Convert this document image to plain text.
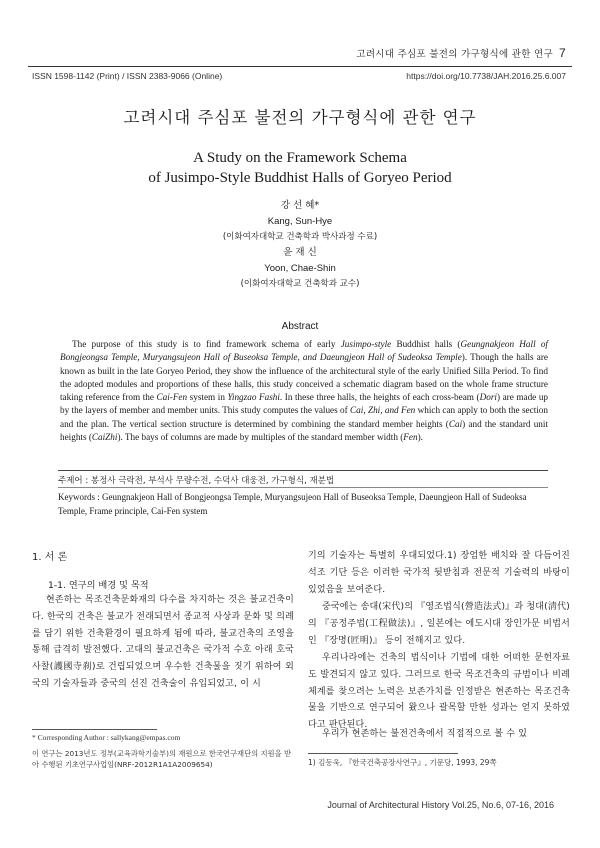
고려시대 주심포 불전의 가구형식에 관한 연구 7
ISSN 1598-1142 (Print) / ISSN 2383-9066 (Online)	https://doi.org/10.7738/JAH.2016.25.6.007
고려시대 주심포 불전의 가구형식에 관한 연구
A Study on the Framework Schema
of Jusimpo-Style Buddhist Halls of Goryeo Period
강 선 혜*
Kang, Sun-Hye
(이화여자대학교 건축학과 박사과정 수료)
윤 재 신
Yoon, Chae-Shin
(이화여자대학교 건축학과 교수)
Abstract
The purpose of this study is to find framework schema of early Jusimpo-style Buddhist halls (Geungnakjeon Hall of Bongjeongsa Temple, Muryangsujeon Hall of Buseoksa Temple, and Daeungjeon Hall of Sudeoksa Temple). Though the halls are known as built in the late Goryeo Period, they show the influence of the architectural style of the early Unified Silla Period. To find the adopted modules and proportions of these halls, this study conceived a schematic diagram based on the whole frame structure taking reference from the Cai-Fen system in Yingzao Fashi. In these three halls, the heights of each cross-beam (Dori) are made up by the layers of member and member units. This study computes the values of Cai, Zhi, and Fen which can apply to both the section and the plan. The vertical section structure is determined by combining the standard member heights (Cai) and the standard unit heights (CaiZhi). The bays of columns are made by multiples of the standard member width (Fen).
주제어 : 봉정사 극락전, 부석사 무량수전, 수덕사 대웅전, 가구형식, 재분법
Keywords : Geungnakjeon Hall of Bongjeongsa Temple, Muryangsujeon Hall of Buseoksa Temple, Daeungjeon Hall of Sudeoksa Temple, Frame principle, Cai-Fen system
1. 서 론
1-1. 연구의 배경 및 목적
현존하는 목조건축문화재의 다수를 차지하는 것은 불교건축이다. 한국의 건축은 불교가 전래되면서 종교적 사상과 문화 및 의례를 담기 위한 건축환경이 필요하게 됨에 따라, 불교건축의 조영을 통해 급격히 발전했다. 고대의 불교건축은 국가적 수호 아래 호국사찰(護國寺刹)로 건립되었으며 우수한 건축물을 짓기 위하여 외국의 기술자들과 중국의 선진 건축술이 유입되었고, 이 시
* Corresponding Author : sallykang@empas.com
이 연구는 2013년도 정부(교육과학기술부)의 재원으로 한국연구재단의 지원을 받아 수행된 기초연구사업임(NRF-2012R1A1A2009654)
기의 기술자는 특별히 우대되었다.1) 장엄한 배치와 잘 다듬어진 석조 기단 등은 이러한 국가적 뒷받침과 전문적 기술력의 바탕이 있었음을 보여준다.
중국에는 송대(宋代)의 『영조법식(營造法式)』과 청대(淸代)의 『공정주법(工程做法)』, 일본에는 에도시대 장인가문 비법서인 『장명(匠明)』 등이 전해지고 있다.
우리나라에는 건축의 법식이나 기법에 대한 어떠한 문헌자료도 발견되지 않고 있다. 그러므로 한국 목조건축의 규범이나 비례체계를 찾으려는 노력은 보존가치를 인정받은 현존하는 목조건축물을 기반으로 연구되어 왔으나 괄목할 만한 성과는 얻지 못하였다고 판단된다.
우리가 현존하는 불전건축에서 직접적으로 볼 수 있
1) 김동욱, 『한국건축공장사연구』, 기문당, 1993, 29쪽
Journal of Architectural History Vol.25, No.6, 07-16, 2016
